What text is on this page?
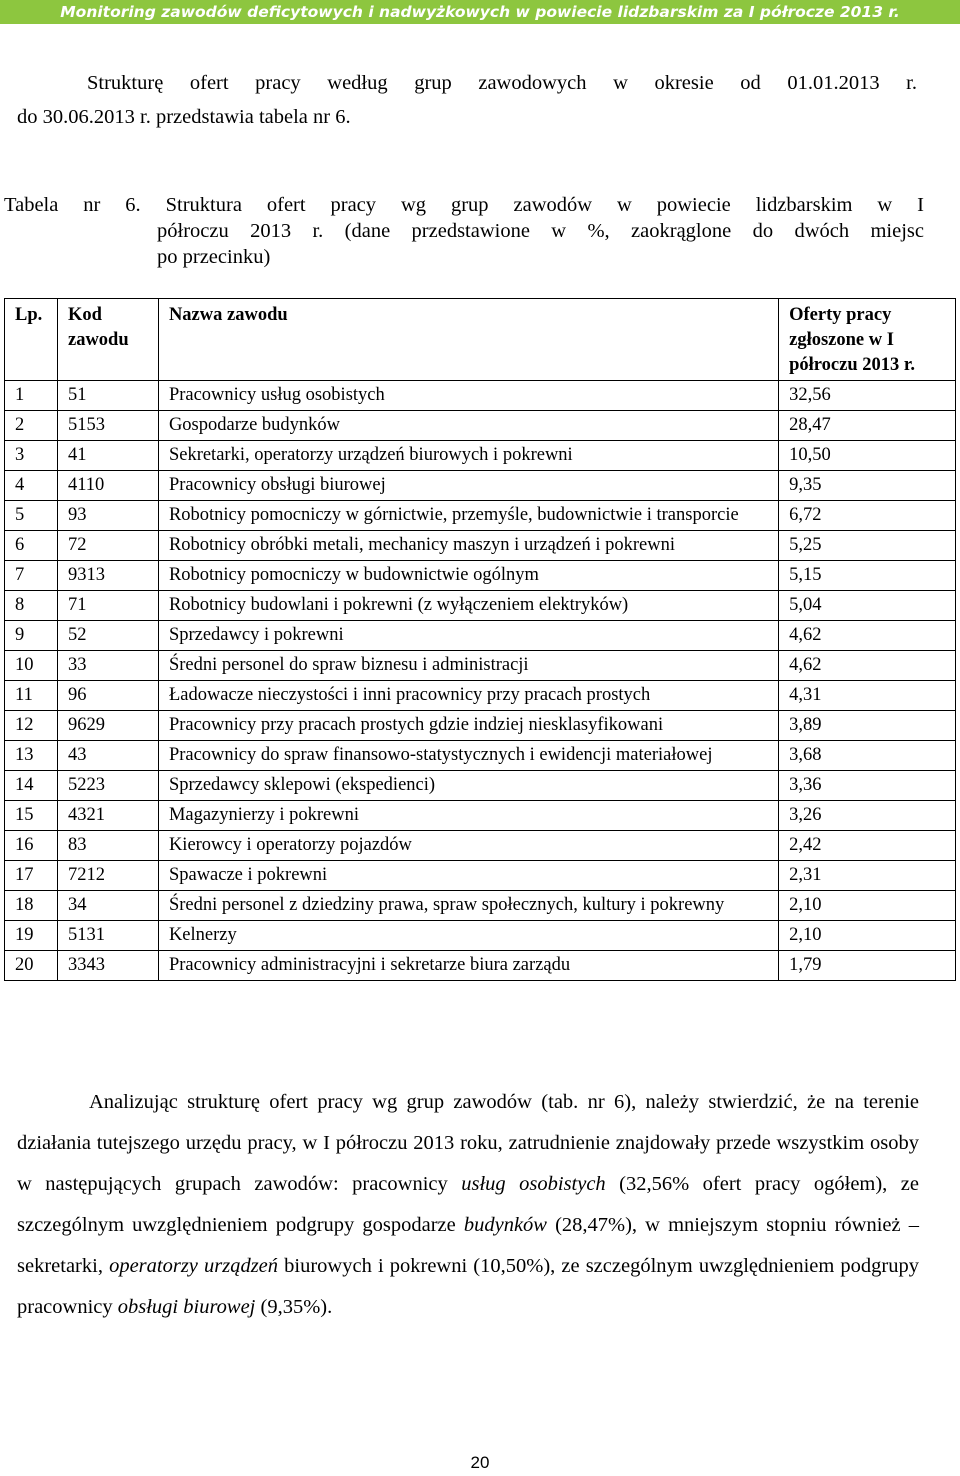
Monitoring zawodów deficytowych i nadwyżkowych w powiecie lidzbarskim za I półrocze 2013 r.
Strukturę ofert pracy według grup zawodowych w okresie od 01.01.2013 r.
do 30.06.2013 r. przedstawia tabela nr 6.
Tabela nr 6. Struktura ofert pracy wg grup zawodów w powiecie lidzbarskim w I
półroczu 2013 r. (dane przedstawione w %, zaokrąglone do dwóch miejsc
po przecinku)
Lp.	Kod zawodu	Nazwa zawodu	Oferty pracy zgłoszone w I półroczu 2013 r.
1	51	Pracownicy usług osobistych	32,56
2	5153	Gospodarze budynków	28,47
3	41	Sekretarki, operatorzy urządzeń biurowych i pokrewni	10,50
4	4110	Pracownicy obsługi biurowej	9,35
5	93	Robotnicy pomocniczy w górnictwie, przemyśle, budownictwie i transporcie	6,72
6	72	Robotnicy obróbki metali, mechanicy maszyn i urządzeń i pokrewni	5,25
7	9313	Robotnicy pomocniczy w budownictwie ogólnym	5,15
8	71	Robotnicy budowlani i pokrewni (z wyłączeniem elektryków)	5,04
9	52	Sprzedawcy i pokrewni	4,62
10	33	Średni personel do spraw biznesu i administracji	4,62
11	96	Ładowacze nieczystości i inni pracownicy przy pracach prostych	4,31
12	9629	Pracownicy przy pracach prostych gdzie indziej niesklasyfikowani	3,89
13	43	Pracownicy do spraw finansowo-statystycznych i ewidencji materiałowej	3,68
14	5223	Sprzedawcy sklepowi (ekspedienci)	3,36
15	4321	Magazynierzy i pokrewni	3,26
16	83	Kierowcy i operatorzy pojazdów	2,42
17	7212	Spawacze i pokrewni	2,31
18	34	Średni personel z dziedziny prawa, spraw społecznych, kultury i pokrewny	2,10
19	5131	Kelnerzy	2,10
20	3343	Pracownicy administracyjni i sekretarze biura zarządu	1,79

Analizując strukturę ofert pracy wg grup zawodów (tab. nr 6), należy stwierdzić, że na terenie działania tutejszego urzędu pracy, w I półroczu 2013 roku, zatrudnienie znajdowały przede wszystkim osoby w następujących grupach zawodów: pracownicy usług osobistych (32,56% ofert pracy ogółem), ze szczególnym uwzględnieniem podgrupy gospodarze budynków (28,47%), w mniejszym stopniu również – sekretarki, operatorzy urządzeń biurowych i pokrewni (10,50%), ze szczególnym uwzględnieniem podgrupy pracownicy obsługi biurowej (9,35%).

20
